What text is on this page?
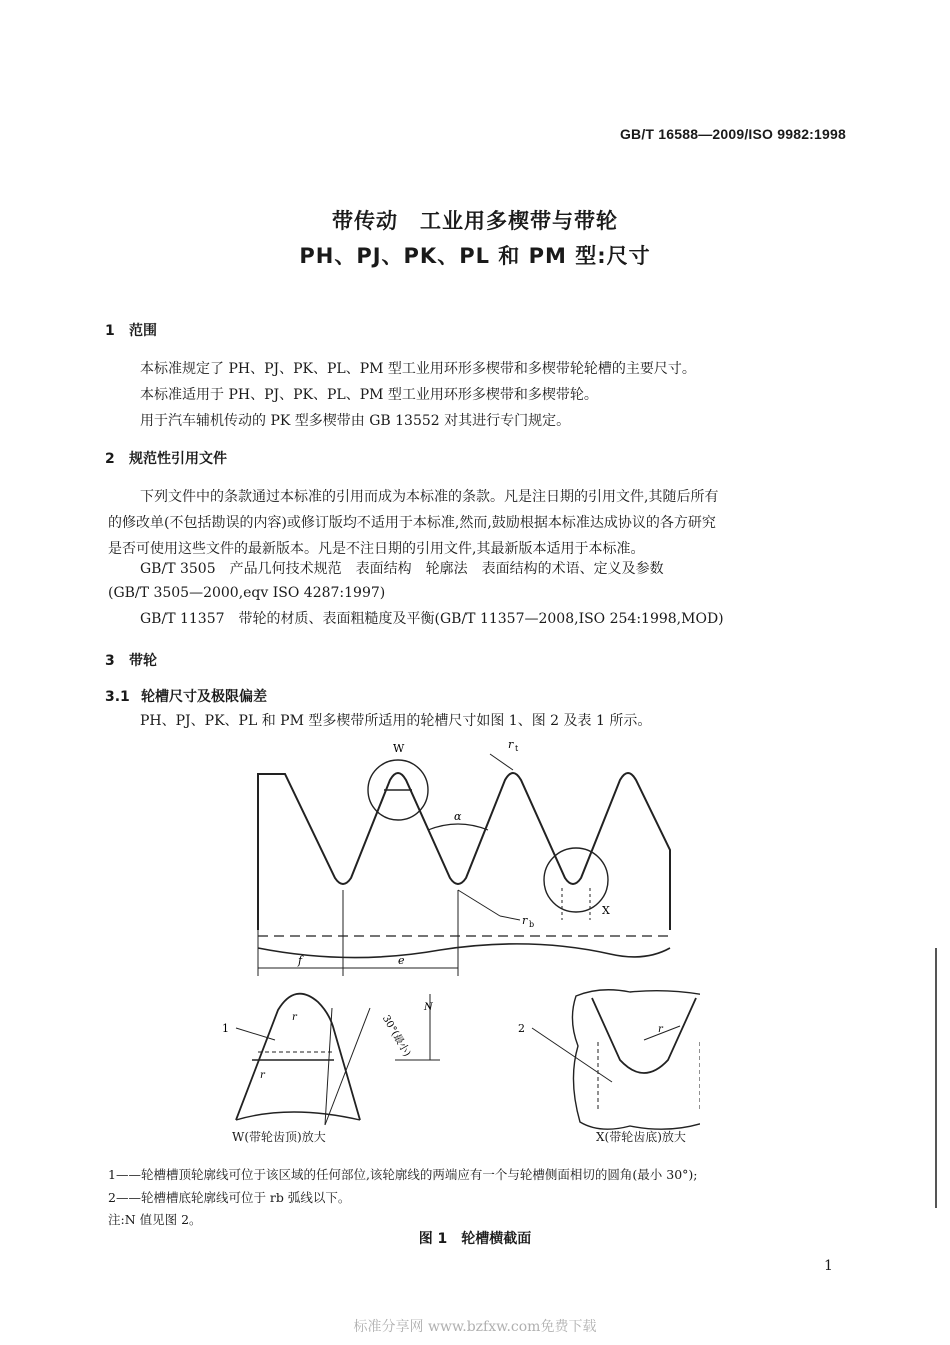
GB/T 16588—2009/ISO 9982:1998
带传动　工业用多楔带与带轮
PH、PJ、PK、PL 和 PM 型:尺寸
1 范围
本标准规定了 PH、PJ、PK、PL、PM 型工业用环形多楔带和多楔带轮轮槽的主要尺寸。
本标准适用于 PH、PJ、PK、PL、PM 型工业用环形多楔带和多楔带轮。
用于汽车辅机传动的 PK 型多楔带由 GB 13552 对其进行专门规定。
2 规范性引用文件
下列文件中的条款通过本标准的引用而成为本标准的条款。凡是注日期的引用文件,其随后所有
的修改单(不包括勘误的内容)或修订版均不适用于本标准,然而,鼓励根据本标准达成协议的各方研究
是否可使用这些文件的最新版本。凡是不注日期的引用文件,其最新版本适用于本标准。
GB/T 3505　产品几何技术规范　表面结构　轮廓法　表面结构的术语、定义及参数
(GB/T 3505—2000,eqv ISO 4287:1997)
GB/T 11357　带轮的材质、表面粗糙度及平衡(GB/T 11357—2008,ISO 254:1998,MOD)
3 带轮
3.1 轮槽尺寸及极限偏差
PH、PJ、PK、PL 和 PM 型多楔带所适用的轮槽尺寸如图 1、图 2 及表 1 所示。
W
X
α
r t
r b
f	e
r
r
N
30°(最小)
1	r
2
W(带轮齿顶)放大	X(带轮齿底)放大
1——轮槽槽顶轮廓线可位于该区域的任何部位,该轮廓线的两端应有一个与轮槽侧面相切的圆角(最小 30°);
2——轮槽槽底轮廓线可位于 rb 弧线以下。
注:N 值见图 2。
图 1　轮槽横截面
1
标准分享网 www.bzfxw.com免费下载
